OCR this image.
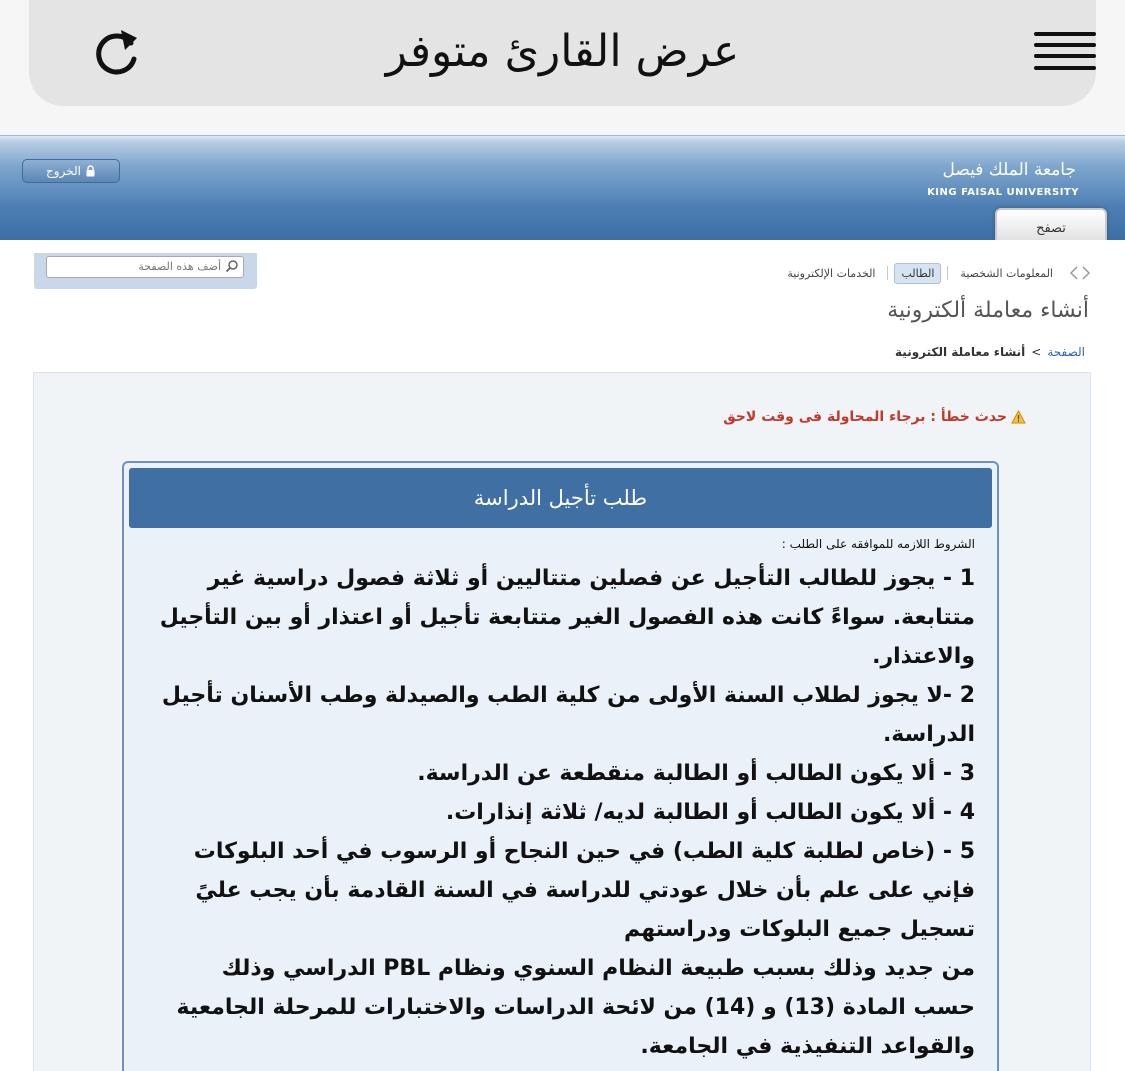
عرض القارئ متوفر
الخروج	جامعة الملك فيصل
KING FAISAL UNIVERSITY
تصفح
أضف هذه الصفحة	المعلومات الشخصية
الطالب
الخدمات الإلكترونية
أنشاء معاملة ألكترونية
الصفحة
>
أنشاء معاملة الكترونية
حدث خطأ : برجاء المحاولة فى وقت لاحق
طلب تأجيل الدراسة
الشروط اللازمه للموافقه على الطلب :

1 - يجوز للطالب التأجيل عن فصلين متتاليين أو ثلاثة فصول دراسية غير متتابعة. سواءً كانت هذه الفصول الغير متتابعة تأجيل أو اعتذار أو بين التأجيل والاعتذار.

2 -لا يجوز لطلاب السنة الأولى من كلية الطب والصيدلة وطب الأسنان تأجيل الدراسة.

3 - ألا يكون الطالب أو الطالبة منقطعة عن الدراسة.

4 - ألا يكون الطالب أو الطالبة لديه/ ثلاثة إنذارات.

5 - (خاص لطلبة كلية الطب) في حين النجاح أو الرسوب في أحد البلوكات فإني على علم بأن خلال عودتي للدراسة في السنة القادمة بأن يجب عليً تسجيل جميع البلوكات ودراستهم

من جديد وذلك بسبب طبيعة النظام السنوي ونظام PBL الدراسي وذلك حسب المادة (13) و (14) من لائحة الدراسات والاختبارات للمرحلة الجامعية والقواعد التنفيذية في الجامعة.
